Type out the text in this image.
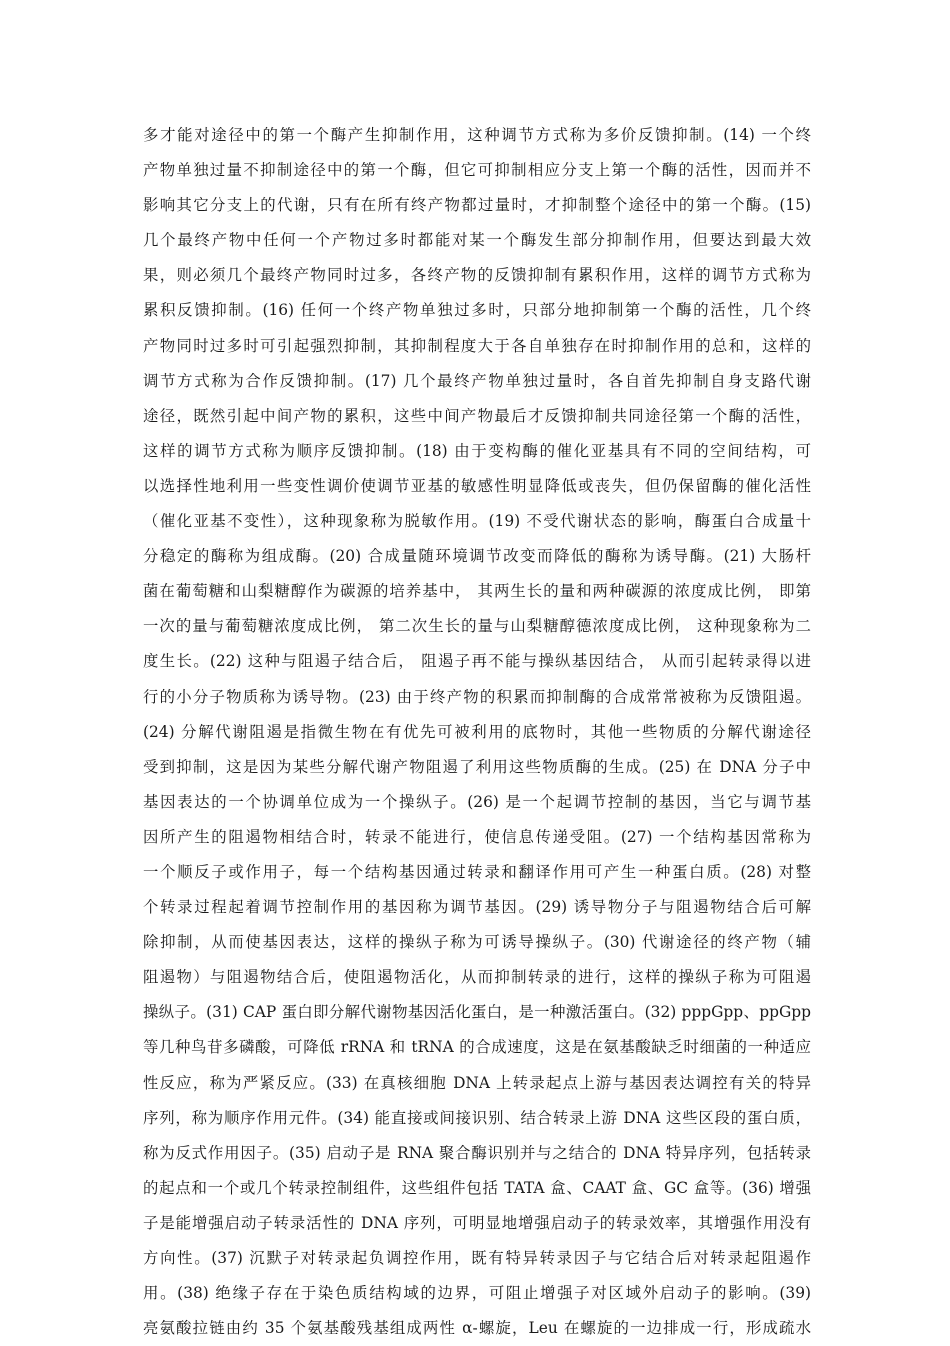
多才能对途径中的第一个酶产生抑制作用，这种调节方式称为多价反馈抑制。(14) 一个终
产物单独过量不抑制途径中的第一个酶，但它可抑制相应分支上第一个酶的活性，因而并不
影响其它分支上的代谢，只有在所有终产物都过量时，才抑制整个途径中的第一个酶。(15)
几个最终产物中任何一个产物过多时都能对某一个酶发生部分抑制作用，但要达到最大效
果，则必须几个最终产物同时过多，各终产物的反馈抑制有累积作用，这样的调节方式称为
累积反馈抑制。(16) 任何一个终产物单独过多时，只部分地抑制第一个酶的活性，几个终
产物同时过多时可引起强烈抑制，其抑制程度大于各自单独存在时抑制作用的总和，这样的
调节方式称为合作反馈抑制。(17) 几个最终产物单独过量时，各自首先抑制自身支路代谢
途径，既然引起中间产物的累积，这些中间产物最后才反馈抑制共同途径第一个酶的活性，
这样的调节方式称为顺序反馈抑制。(18) 由于变构酶的催化亚基具有不同的空间结构，可
以选择性地利用一些变性调价使调节亚基的敏感性明显降低或丧失，但仍保留酶的催化活性
（催化亚基不变性），这种现象称为脱敏作用。(19) 不受代谢状态的影响，酶蛋白合成量十
分稳定的酶称为组成酶。(20) 合成量随环境调节改变而降低的酶称为诱导酶。(21) 大肠杆
菌在葡萄糖和山梨糖醇作为碳源的培养基中， 其两生长的量和两种碳源的浓度成比例， 即第
一次的量与葡萄糖浓度成比例， 第二次生长的量与山梨糖醇德浓度成比例， 这种现象称为二
度生长。(22) 这种与阻遏子结合后， 阻遏子再不能与操纵基因结合， 从而引起转录得以进
行的小分子物质称为诱导物。(23) 由于终产物的积累而抑制酶的合成常常被称为反馈阻遏。
(24) 分解代谢阻遏是指微生物在有优先可被利用的底物时，其他一些物质的分解代谢途径
受到抑制，这是因为某些分解代谢产物阻遏了利用这些物质酶的生成。(25) 在 DNA 分子中
基因表达的一个协调单位成为一个操纵子。(26) 是一个起调节控制的基因，当它与调节基
因所产生的阻遏物相结合时，转录不能进行，使信息传递受阻。(27) 一个结构基因常称为
一个顺反子或作用子，每一个结构基因通过转录和翻译作用可产生一种蛋白质。(28) 对整
个转录过程起着调节控制作用的基因称为调节基因。(29) 诱导物分子与阻遏物结合后可解
除抑制，从而使基因表达，这样的操纵子称为可诱导操纵子。(30) 代谢途径的终产物（辅
阻遏物）与阻遏物结合后，使阻遏物活化，从而抑制转录的进行，这样的操纵子称为可阻遏
操纵子。(31) CAP 蛋白即分解代谢物基因活化蛋白，是一种激活蛋白。(32) pppGpp、ppGpp
等几种鸟苷多磷酸，可降低 rRNA 和 tRNA 的合成速度，这是在氨基酸缺乏时细菌的一种适应
性反应，称为严紧反应。(33) 在真核细胞 DNA 上转录起点上游与基因表达调控有关的特异
序列，称为顺序作用元件。(34) 能直接或间接识别、结合转录上游 DNA 这些区段的蛋白质，
称为反式作用因子。(35) 启动子是 RNA 聚合酶识别并与之结合的 DNA 特异序列，包括转录
的起点和一个或几个转录控制组件，这些组件包括 TATA 盒、CAAT 盒、GC 盒等。(36) 增强
子是能增强启动子转录活性的 DNA 序列，可明显地增强启动子的转录效率，其增强作用没有
方向性。(37) 沉默子对转录起负调控作用，既有特异转录因子与它结合后对转录起阻遏作
用。(38) 绝缘子存在于染色质结构域的边界，可阻止增强子对区域外启动子的影响。(39)
亮氨酸拉链由约 35 个氨基酸残基组成两性 α-螺旋，Leu 在螺旋的一边排成一行，形成疏水
